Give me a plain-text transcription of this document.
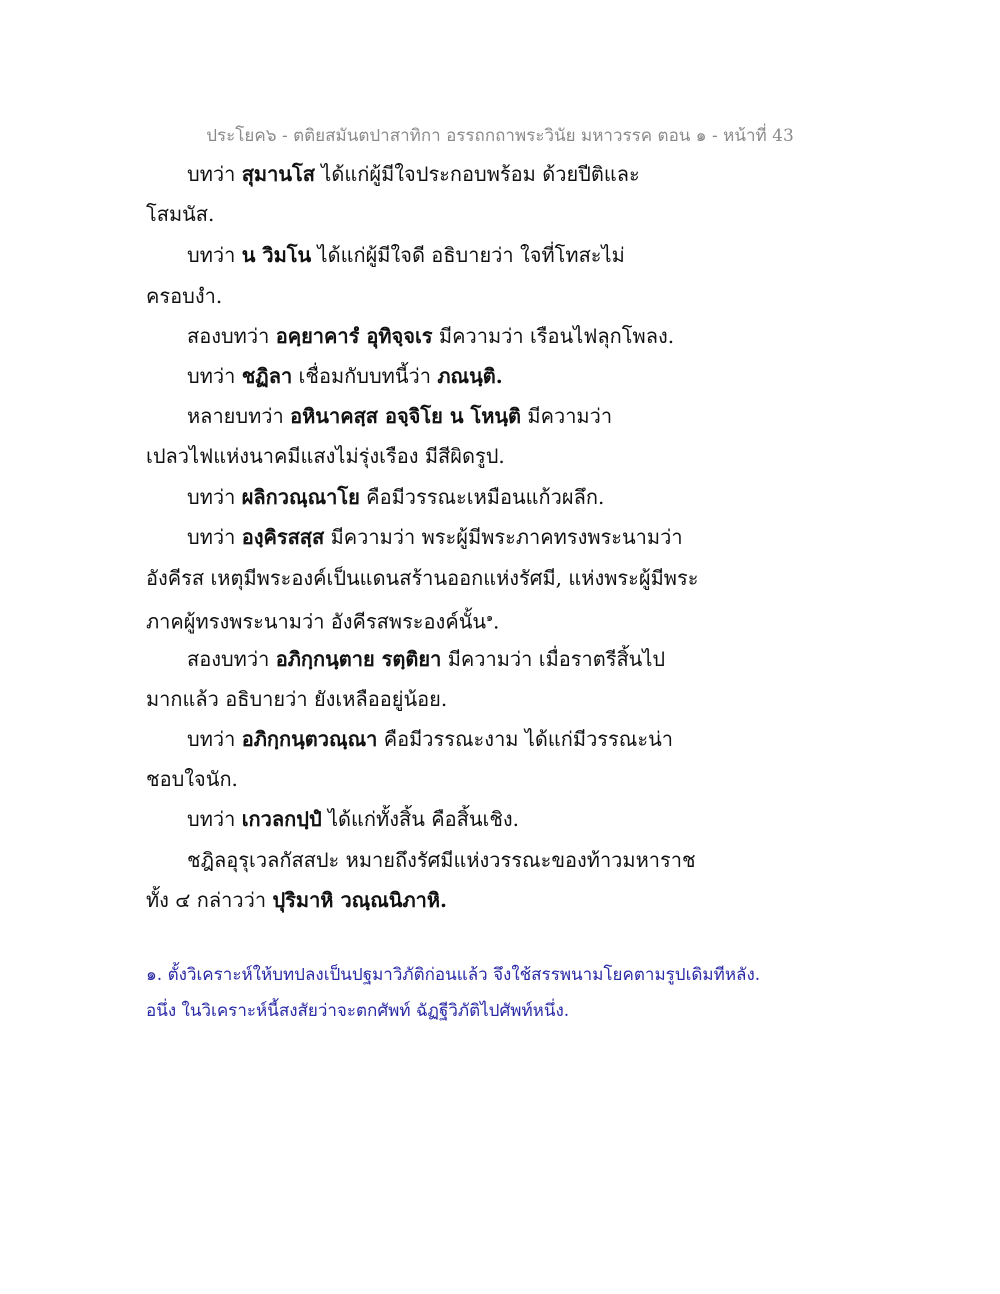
ประโยค๖ - ตติยสมันตปาสาทิกา อรรถกถาพระวินัย มหาวรรค ตอน ๑ - หน้าที่ 43
บทว่า สุมานโส ได้แก่ผู้มีใจประกอบพร้อม ด้วยปีติและ
โสมนัส.
บทว่า น วิมโน ได้แก่ผู้มีใจดี อธิบายว่า ใจที่โทสะไม่
ครอบงำ.
สองบทว่า อคฺยาคารํ อุทิจฺจเร มีความว่า เรือนไฟลุกโพลง.
บทว่า ชฏิลา เชื่อมกับบทนี้ว่า ภณนฺติ.
หลายบทว่า อหินาคสฺส อจฺจิโย น โหนฺติ มีความว่า
เปลวไฟแห่งนาคมีแสงไม่รุ่งเรือง มีสีผิดรูป.
บทว่า ผลิกวณฺณาโย คือมีวรรณะเหมือนแก้วผลึก.
บทว่า องฺคิรสสฺส มีความว่า พระผู้มีพระภาคทรงพระนามว่า
อังคีรส เหตุมีพระองค์เป็นแดนสร้านออกแห่งรัศมี, แห่งพระผู้มีพระ
ภาคผู้ทรงพระนามว่า อังคีรสพระองค์นั้น$^๑$.
สองบทว่า อภิกฺกนฺตาย รตฺติยา มีความว่า เมื่อราตรีสิ้นไป
มากแล้ว อธิบายว่า ยังเหลืออยู่น้อย.
บทว่า อภิกฺกนฺตวณฺณา คือมีวรรณะงาม ได้แก่มีวรรณะน่า
ชอบใจนัก.
บทว่า เกวลกปฺปํ ได้แก่ทั้งสิ้น คือสิ้นเชิง.
ชฎิลอุรุเวลกัสสปะ หมายถึงรัศมีแห่งวรรณะของท้าวมหาราช
ทั้ง ๔ กล่าวว่า ปุริมาหิ วณฺณนิภาหิ.
๑. ตั้งวิเคราะห์ให้บทปลงเป็นปฐมาวิภัติก่อนแล้ว จึงใช้สรรพนามโยคตามรูปเดิมทีหลัง.
อนึ่ง ในวิเคราะห์นี้สงสัยว่าจะตกศัพท์ ฉัฏฐีวิภัติไปศัพท์หนึ่ง.
